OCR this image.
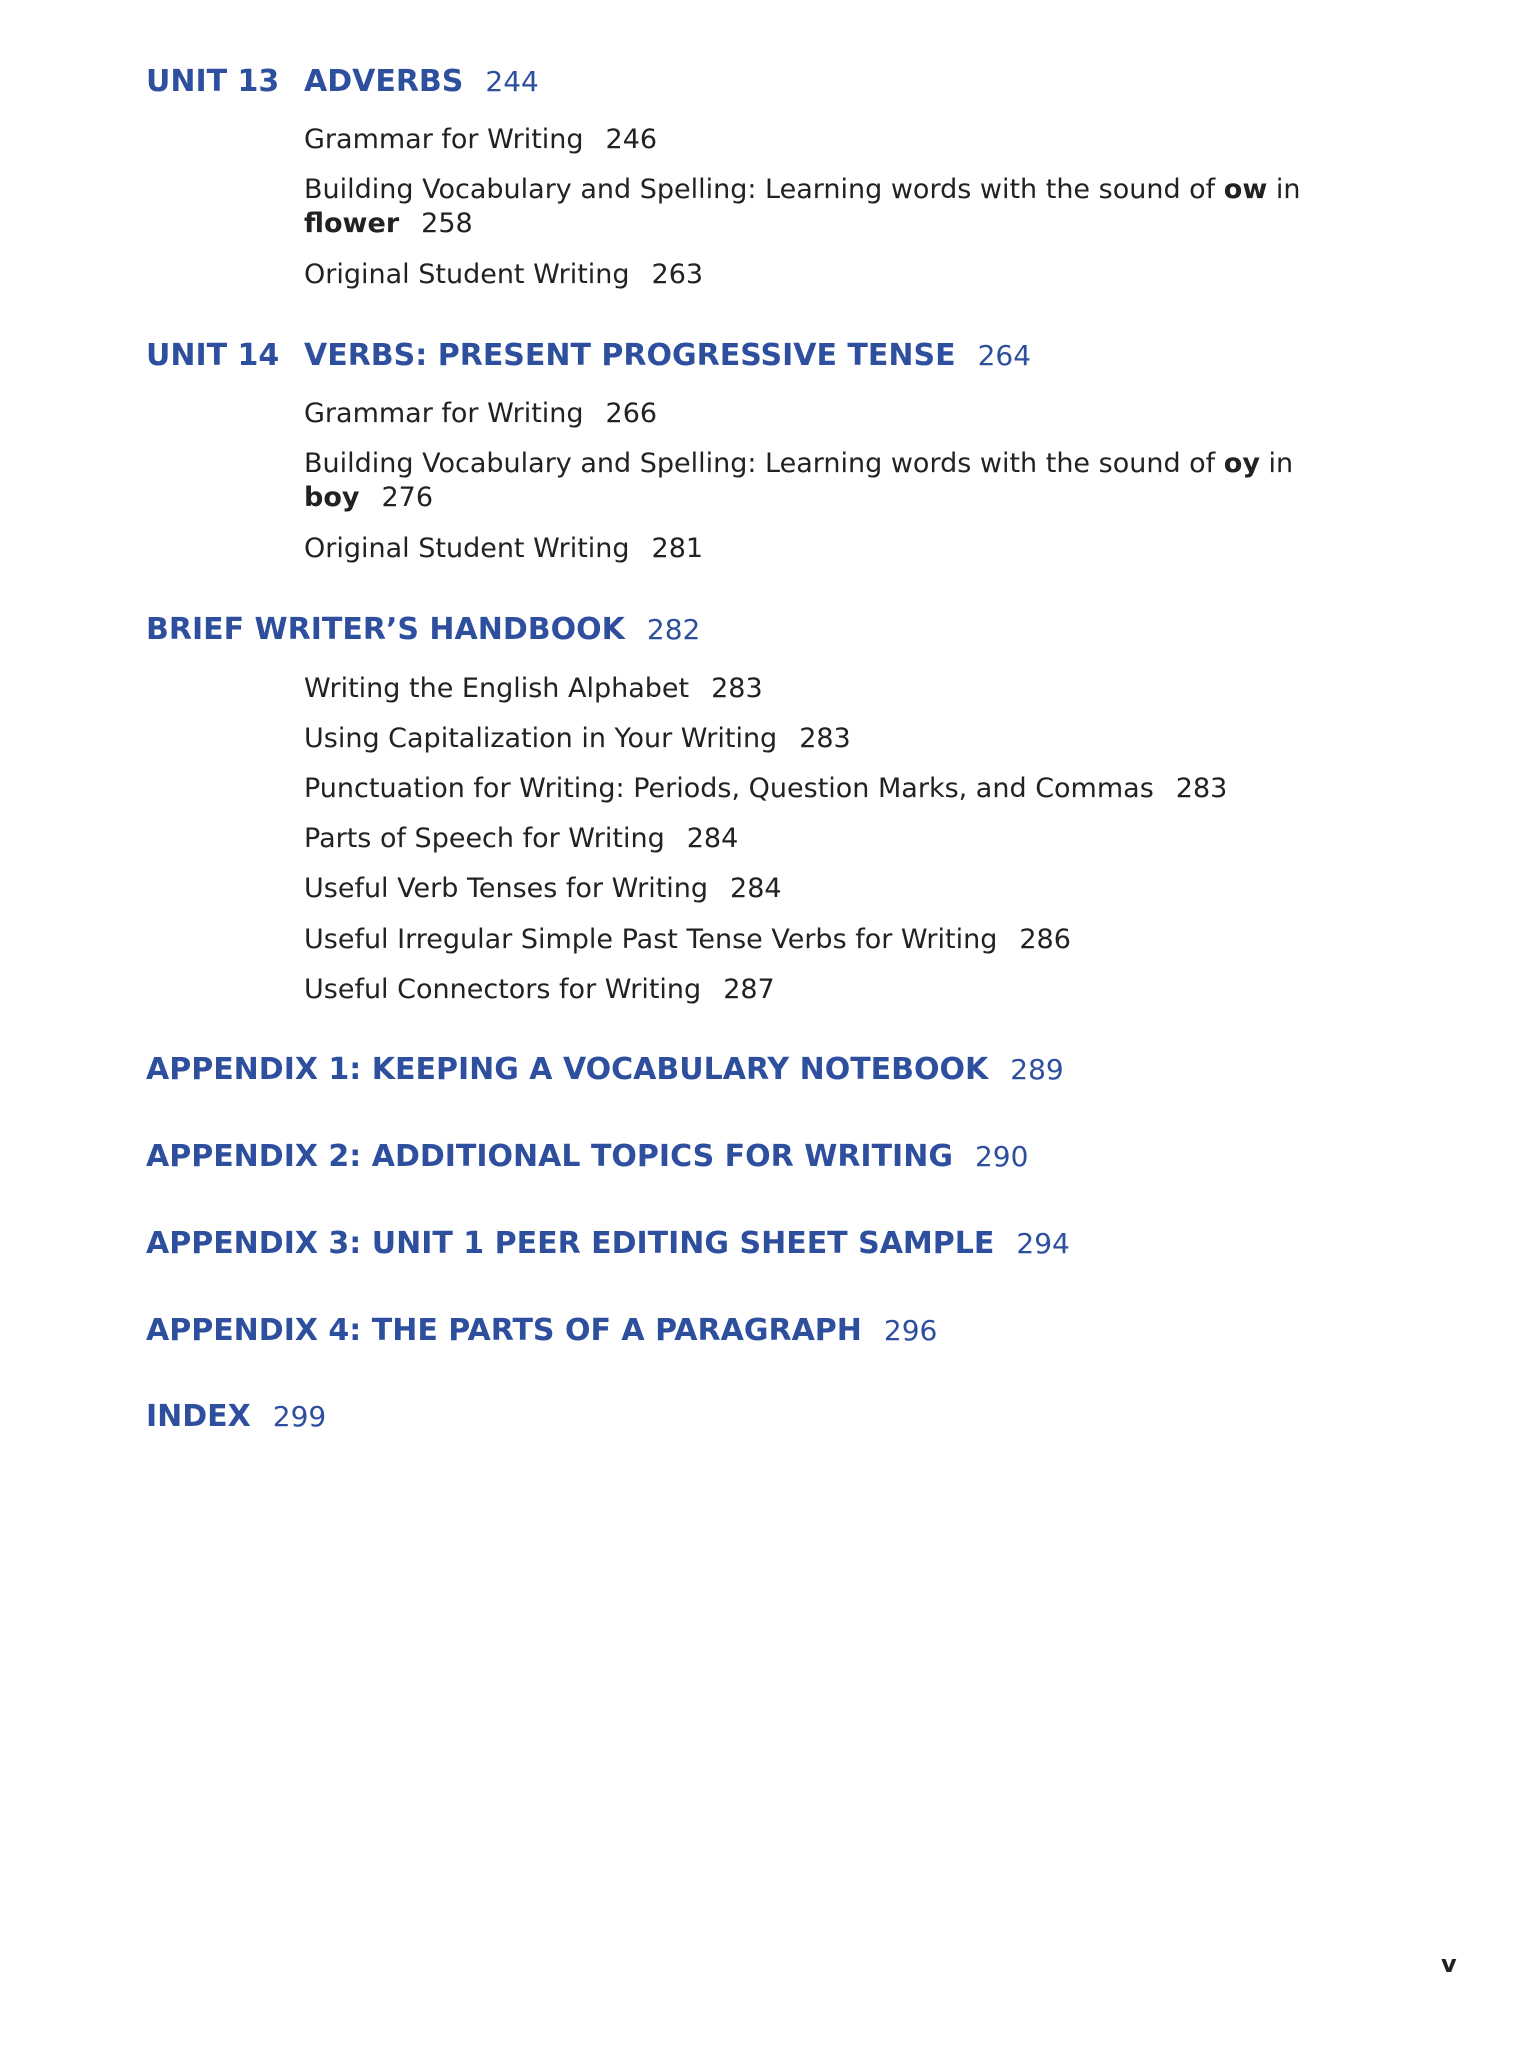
UNIT 13 ADVERBS 244
Grammar for Writing 246
Building Vocabulary and Spelling: Learning words with the sound of ow in flower 258
Original Student Writing 263
UNIT 14 VERBS: PRESENT PROGRESSIVE TENSE 264
Grammar for Writing 266
Building Vocabulary and Spelling: Learning words with the sound of oy in boy 276
Original Student Writing 281
BRIEF WRITER’S HANDBOOK 282
Writing the English Alphabet 283
Using Capitalization in Your Writing 283
Punctuation for Writing: Periods, Question Marks, and Commas 283
Parts of Speech for Writing 284
Useful Verb Tenses for Writing 284
Useful Irregular Simple Past Tense Verbs for Writing 286
Useful Connectors for Writing 287
APPENDIX 1: KEEPING A VOCABULARY NOTEBOOK 289
APPENDIX 2: ADDITIONAL TOPICS FOR WRITING 290
APPENDIX 3: UNIT 1 PEER EDITING SHEET SAMPLE 294
APPENDIX 4: THE PARTS OF A PARAGRAPH 296
INDEX 299
v
